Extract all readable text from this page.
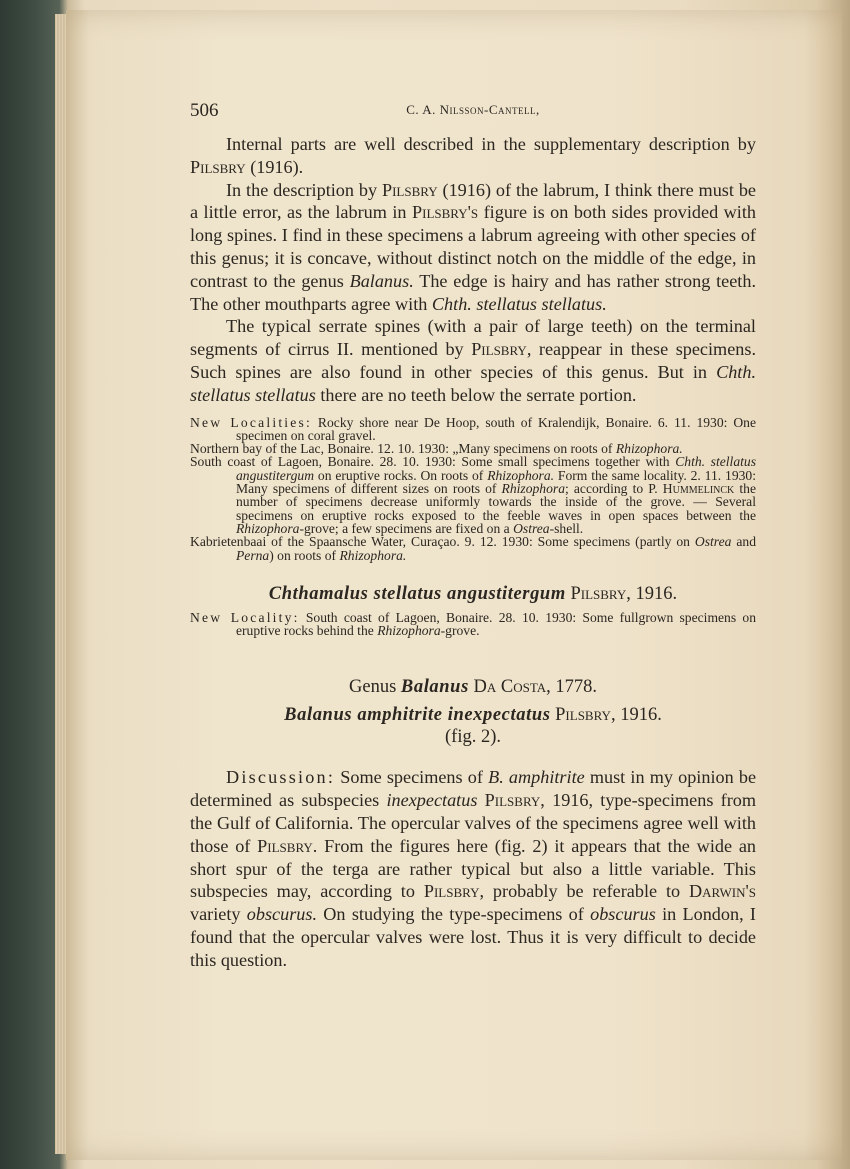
506	C. A. Nilsson-Cantell,

Internal parts are well described in the supplementary description by Pilsbry (1916).

In the description by Pilsbry (1916) of the labrum, I think there must be a little error, as the labrum in Pilsbry's figure is on both sides provided with long spines. I find in these specimens a labrum agreeing with other species of this genus; it is concave, without distinct notch on the middle of the edge, in contrast to the genus Balanus. The edge is hairy and has rather strong teeth. The other mouthparts agree with Chth. stellatus stellatus.

The typical serrate spines (with a pair of large teeth) on the terminal segments of cirrus II. mentioned by Pilsbry, reappear in these specimens. Such spines are also found in other species of this genus. But in Chth. stellatus stellatus there are no teeth below the serrate portion.

New Localities: Rocky shore near De Hoop, south of Kralendijk, Bonaire. 6. 11. 1930: One specimen on coral gravel.

Northern bay of the Lac, Bonaire. 12. 10. 1930: „Many specimens on roots of Rhizophora.

South coast of Lagoen, Bonaire. 28. 10. 1930: Some small specimens together with Chth. stellatus angustitergum on eruptive rocks. On roots of Rhizophora. Form the same locality. 2. 11. 1930: Many specimens of different sizes on roots of Rhizophora; according to P. Hummelinck the number of specimens decrease uniformly towards the inside of the grove. — Several specimens on eruptive rocks exposed to the feeble waves in open spaces between the Rhizophora-grove; a few specimens are fixed on a Ostrea-shell.

Kabrietenbaai of the Spaansche Water, Curaçao. 9. 12. 1930: Some specimens (partly on Ostrea and Perna) on roots of Rhizophora.

Chthamalus stellatus angustitergum Pilsbry, 1916.

New Locality: South coast of Lagoen, Bonaire. 28. 10. 1930: Some fullgrown specimens on eruptive rocks behind the Rhizophora-grove.

Genus Balanus Da Costa, 1778.
Balanus amphitrite inexpectatus Pilsbry, 1916.
(fig. 2).

Discussion: Some specimens of B. amphitrite must in my opinion be determined as subspecies inexpectatus Pilsbry, 1916, type-specimens from the Gulf of California. The opercular valves of the specimens agree well with those of Pilsbry. From the figures here (fig. 2) it appears that the wide an short spur of the terga are rather typical but also a little variable. This subspecies may, according to Pilsbry, probably be referable to Darwin's variety obscurus. On studying the type-specimens of obscurus in London, I found that the opercular valves were lost. Thus it is very difficult to decide this question.
